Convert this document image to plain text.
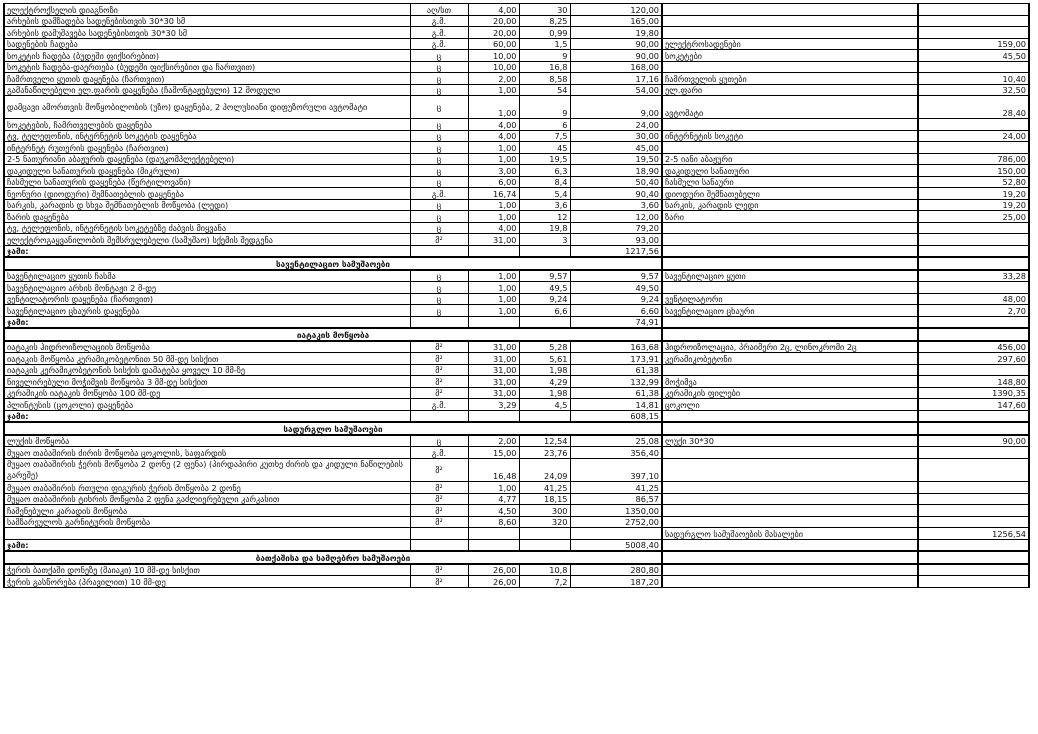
ელექტროქსელის დიაგნოზი	აღ/სთ	4,00	30	120,00		
არხების დამზადება სადენებისთვის 30*30 სმ	გ.მ.	20,00	8,25	165,00		
არხების დამუშავება სადენებისთვის 30*30 სმ	გ.მ.	20,00	0,99	19,80		
სადენების ჩადება	გ.მ.	60,00	1,5	90,00	ელექტროსადენები	159,00
სოკეტის ჩადება (ბუდეში ფიქსირებით)	ც	10,00	9	90,00	სოკეტები	45,50
სოკეტის ჩადება-დაერთება (ბუდეში ფიქსირებით და ჩართვით)	ც	10,00	16,8	168,00		
ჩამრთველი ყუთის დაყენება (ჩართვით)	ც	2,00	8,58	17,16	ჩამრთველის ყუთები	10,40
გამანაწილებელი ელ.ფარის დაყენება (ჩამონტაჟებული) 12 მოდული	ც	1,00	54	54,00	ელ.ფარი	32,50
დამცავი ამორთვის მოწყობილობის (უზო) დაყენება, 2 პოლუსიანი დიფუზორული ავტომატი	ც	1,00	9	9,00	ავტომატი	28,40
სოკეტების, ჩამრთველების დაყენება	ც	4,00	6	24,00		
ტვ, ტელეფონის, ინტერნეტის სოკეტის დაყენება	ც	4,00	7,5	30,00	ინტერნეტის სოკეტი	24,00
ინტერნეტ რუთერის დაყენება (ჩართვით)	ც	1,00	45	45,00		
2-5 ნათურიანი აბაჟურის დაყენება (დაუკომპლექტებელი)	ც	1,00	19,5	19,50	2-5 იანი აბაჟური	786,00
დაკიდული სანათურის დაყენება (მიკრული)	ც	3,00	6,3	18,90	დაკიდული სანათური	150,00
ჩასმული სანათურის დაყენება (წერტილოვანი)	ც	6,00	8,4	50,40	ჩასმული სანაური	52,80
ნეონური (დიოდური) შემნათებლის დაყენება	გ.მ.	16,74	5,4	90,40	დიოდური შემნათებელი	19,20
სარკის, კარადის დ სხვა შემნათებლის მოწყობა (ლედი)	ც	1,00	3,6	3,60	სარკის, კარადის ლედი	19,20
ზარის დაყენება	ც	1,00	12	12,00	ზარი	25,00
ტვ, ტელეფონის, ინტერნეტის სოკეტებზე ძაბვის მიყვანა	ც	4,00	19,8	79,20		
ელექტროგაყვანილობის შემსრულებელი (სამუშაო) სქემის შედგენა	მ²	31,00	3	93,00		
ჯამი:				1217,56		
სავენტილაციო სამუშაოები						
სავენტილაციო ყუთის ჩასმა	ც	1,00	9,57	9,57	სავენტილაციო ყუთი	33,28
სავენტილაციო არხის მონტაჟი 2 მ-დე	ც	1,00	49,5	49,50		
ვენტილატორის დაყენება (ჩართვით)	ც	1,00	9,24	9,24	ვენტილატორი	48,00
სავენტილაციო ცხაურის დაყენება	ც	1,00	6,6	6,60	სავენტილაციო ცხაური	2,70
ჯამი:				74,91		
იატაკის მოწყობა						
იატაკის ჰიდროიზოლაციის მოწყობა	მ²	31,00	5,28	163,68	ჰიდროიზოლაცია, პრაიმერი 2ც, ლინოკრომი 2ც	456,00
იატაკის მოწყობა კერამიკობეტონით 50 მმ-დე სისქით	მ²	31,00	5,61	173,91	კერამიკობეტონი	297,60
იატაკის კერამიკობეტონის სისქის დამატება ყოველ 10 მმ-ზე	მ²	31,00	1,98	61,38		
ნიველირებული მოჭიმვის მოწყობა 3 მმ-დე სისქით	მ²	31,00	4,29	132,99	მოჭიმვა	148,80
კერამიკის იატაკის მოწყობა 100 მმ-დე	მ²	31,00	1,98	61,38	კერამიკის ფილები	1390,35
პლინტუსის (ცოკოლი) დაყენება	გ.მ.	3,29	4,5	14,81	ცოკოლი	147,60
ჯამი:				608,15		
სადურგლო სამუშაოები						
ლუქის მოწყობა	ც	2,00	12,54	25,08	ლუქი 30*30	90,00
მუყაო თაბაშირის ძირის მოწყობა ცოკოლის, საფარდის	გ.მ.	15,00	23,76	356,40		
მუყაო თაბაშირის ჭერის მოწყობა 2 დონე (2 ფენა) (პირდაპირი კუთხე ძირის და კიდული ნაწილების გარეშე)	მ²	16,48	24,09	397,10		
მუყაო თაბაშირის რთული ფიგურის ჭერის მოწყობა 2 დონე	მ²	1,00	41,25	41,25		
მუყაო თაბაშირის ტიხრის მოწყობა 2 ფენა გაძლიერებული კარკასით	მ²	4,77	18,15	86,57		
ჩაშენებული კარადის მოწყობა	მ²	4,50	300	1350,00		
სამზარეულოს გარნიტურის მოწყობა	მ²	8,60	320	2752,00		
					სადურგლო სამუშაოების მასალები	1256,54
ჯამი:				5008,40		
ბათქაშისა და სამღებრო სამუშაოები						
ჭერის ბათქაში დონეზე (მაიაკი) 10 მმ-დე სისქით	მ²	26,00	10,8	280,80		
ჭერის გასწორება (პრავილით) 10 მმ-დე	მ²	26,00	7,2	187,20		
